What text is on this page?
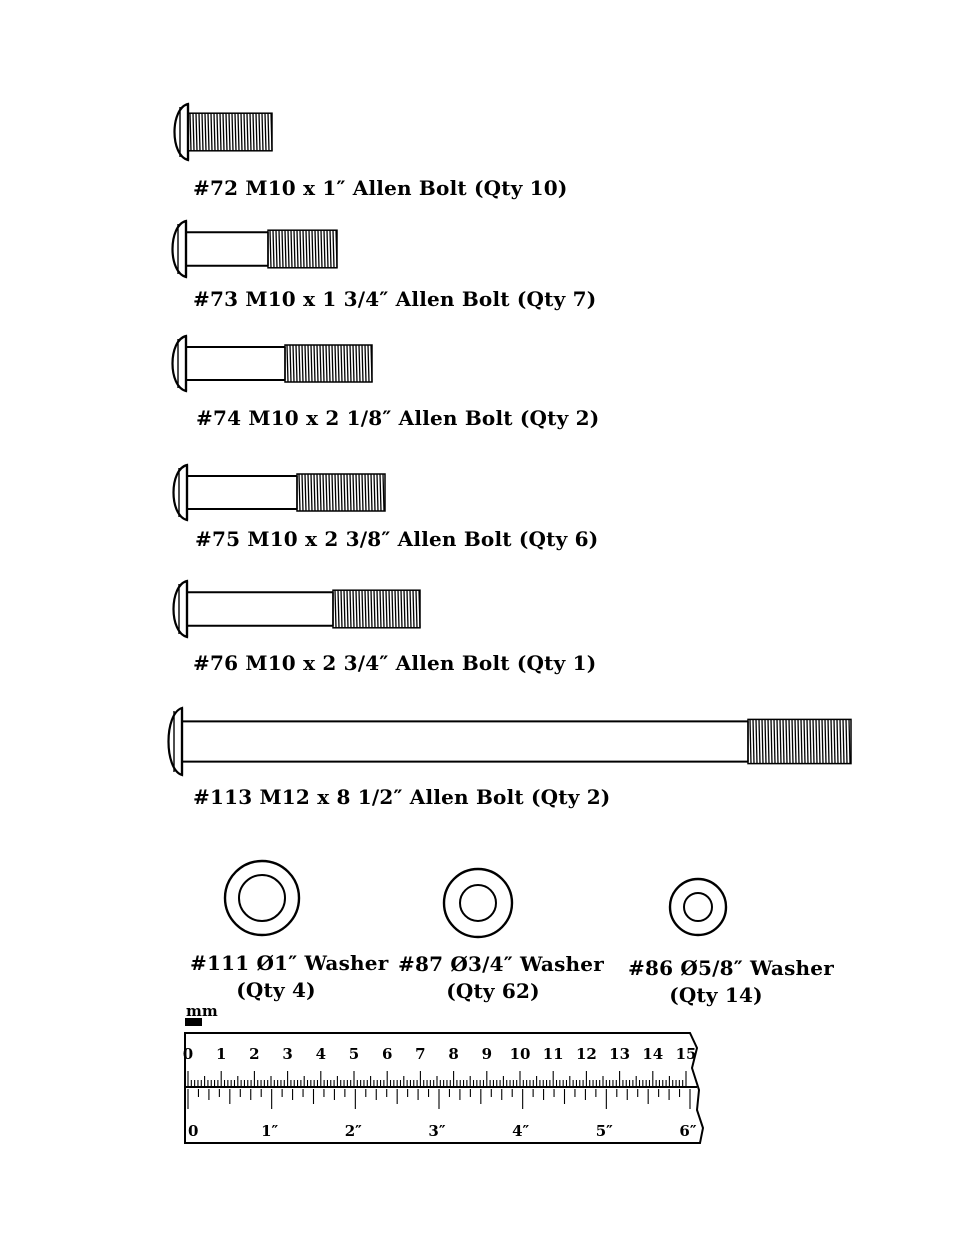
0 1 2 3 4 5 6 7 8 9 10 11 12 13 14 15
0	1″	2″	3″	4″	5″	6″
mm
#72 M10 x 1″ Allen Bolt (Qty 10)
#73 M10 x 1 3/4″ Allen Bolt (Qty 7)
#74 M10 x 2 1/8″ Allen Bolt (Qty 2)
#75 M10 x 2 3/8″ Allen Bolt (Qty 6)
#76 M10 x 2 3/4″ Allen Bolt (Qty 1)
#113 M12 x 8 1/2″ Allen Bolt (Qty 2)
#111 Ø1″ Washer
(Qty 4)
#87 Ø3/4″ Washer
(Qty 62)
#86 Ø5/8″ Washer
(Qty 14)
